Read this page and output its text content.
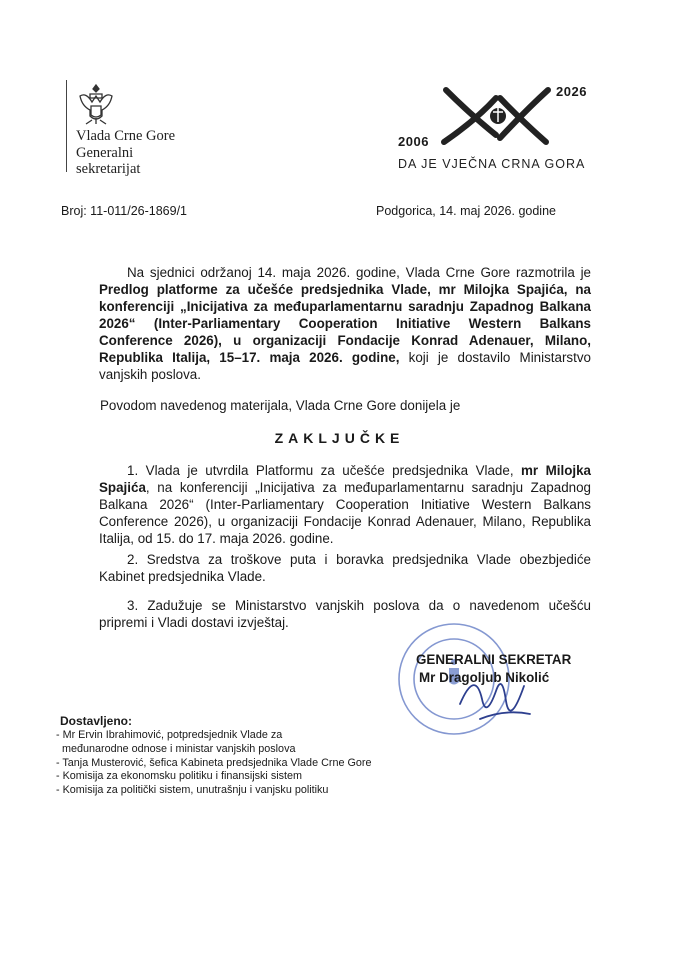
Vlada Crne Gore
Generalni
sekretarijat
2006
2026
DA JE VJEČNA CRNA GORA
Broj: 11-011/26-1869/1	Podgorica, 14. maj 2026. godine
Na sjednici održanoj 14. maja 2026. godine, Vlada Crne Gore razmotrila je Predlog platforme za učešće predsjednika Vlade, mr Milojka Spajića, na konferenciji „Inicijativa za međuparlamentarnu saradnju Zapadnog Balkana 2026“ (Inter-Parliamentary Cooperation Initiative Western Balkans Conference 2026), u organizaciji Fondacije Konrad Adenauer, Milano, Republika Italija, 15–17. maja 2026. godine, koji je dostavilo Ministarstvo vanjskih poslova.
Povodom navedenog materijala, Vlada Crne Gore donijela je
ZAKLJUČKE
1. Vlada je utvrdila Platformu za učešće predsjednika Vlade, mr Milojka Spajića, na konferenciji „Inicijativa za međuparlamentarnu saradnju Zapadnog Balkana 2026“ (Inter-Parliamentary Cooperation Initiative Western Balkans Conference 2026), u organizaciji Fondacije Konrad Adenauer, Milano, Republika Italija, od 15. do 17. maja 2026. godine.
2. Sredstva za troškove puta i boravka predsjednika Vlade obezbjediće Kabinet predsjednika Vlade.
3. Zadužuje se Ministarstvo vanjskih poslova da o navedenom učešću pripremi i Vladi dostavi izvještaj.
GENERALNI SEKRETAR
Mr Dragoljub Nikolić
Dostavljeno:
- Mr Ervin Ibrahimović, potpredsjednik Vlade za
međunarodne odnose i ministar vanjskih poslova
- Tanja Musterović, šefica Kabineta predsjednika Vlade Crne Gore
- Komisija za ekonomsku politiku i finansijski sistem
- Komisija za politički sistem, unutrašnju i vanjsku politiku
